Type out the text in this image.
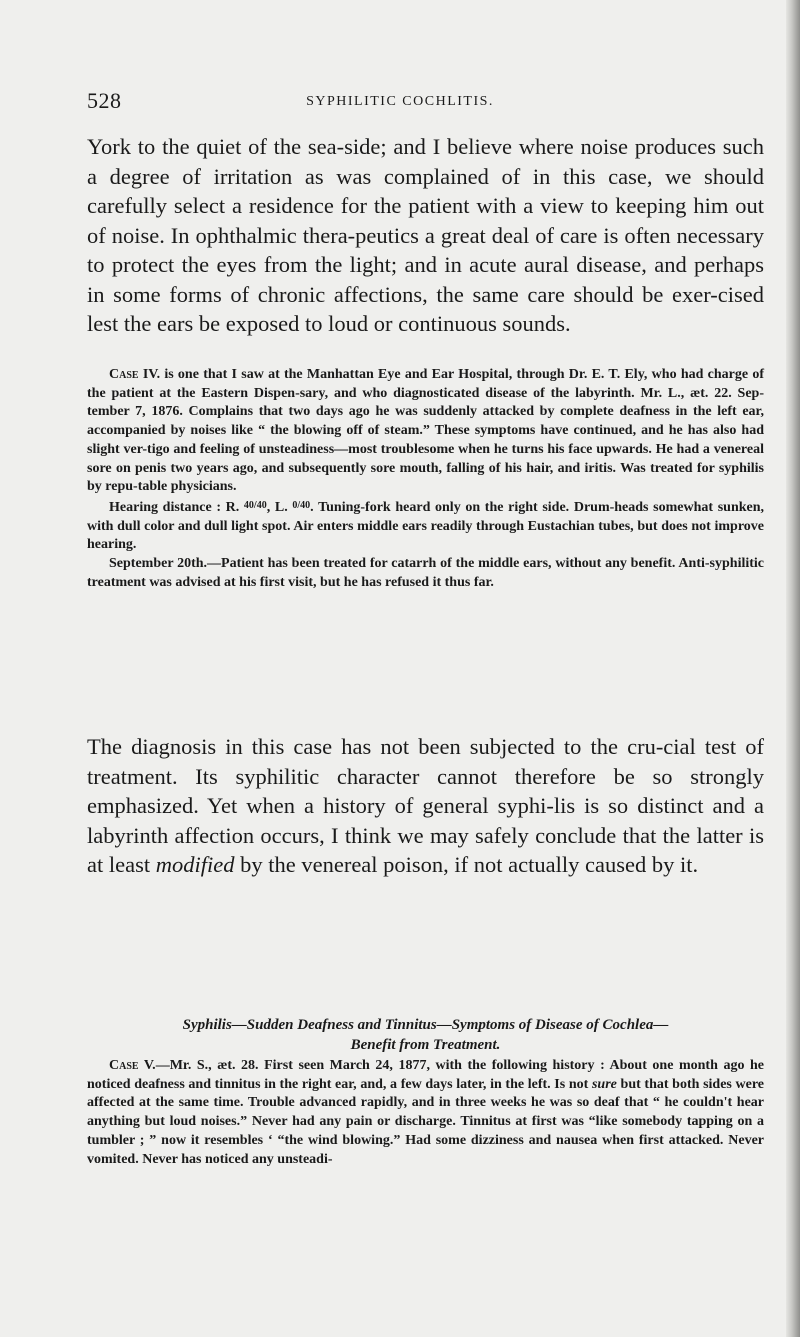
528	SYPHILITIC COCHLITIS.
York to the quiet of the sea-side; and I believe where noise produces such a degree of irritation as was complained of in this case, we should carefully select a residence for the patient with a view to keeping him out of noise. In ophthalmic thera-peutics a great deal of care is often necessary to protect the eyes from the light; and in acute aural disease, and perhaps in some forms of chronic affections, the same care should be exer-cised lest the ears be exposed to loud or continuous sounds.

Case IV. is one that I saw at the Manhattan Eye and Ear Hospital, through Dr. E. T. Ely, who had charge of the patient at the Eastern Dispen-sary, and who diagnosticated disease of the labyrinth. Mr. L., æt. 22. Sep-tember 7, 1876. Complains that two days ago he was suddenly attacked by complete deafness in the left ear, accompanied by noises like “ the blowing off of steam.” These symptoms have continued, and he has also had slight ver-tigo and feeling of unsteadiness—most troublesome when he turns his face upwards. He had a venereal sore on penis two years ago, and subsequently sore mouth, falling of his hair, and iritis. Was treated for syphilis by repu-table physicians.

Hearing distance : R. $^{40/40}$, L. $^{0/40}$. Tuning-fork heard only on the right side. Drum-heads somewhat sunken, with dull color and dull light spot. Air enters middle ears readily through Eustachian tubes, but does not improve hearing.

September 20th.—Patient has been treated for catarrh of the middle ears, without any benefit. Anti-syphilitic treatment was advised at his first visit, but he has refused it thus far.

The diagnosis in this case has not been subjected to the cru-cial test of treatment. Its syphilitic character cannot therefore be so strongly emphasized. Yet when a history of general syphi-lis is so distinct and a labyrinth affection occurs, I think we may safely conclude that the latter is at least modified by the venereal poison, if not actually caused by it.
Syphilis—Sudden Deafness and Tinnitus—Symptoms of Disease of Cochlea—
Benefit from Treatment.

Case V.—Mr. S., æt. 28. First seen March 24, 1877, with the following history : About one month ago he noticed deafness and tinnitus in the right ear, and, a few days later, in the left. Is not sure but that both sides were affected at the same time. Trouble advanced rapidly, and in three weeks he was so deaf that “ he couldn't hear anything but loud noises.” Never had any pain or discharge. Tinnitus at first was “like somebody tapping on a tumbler ; ” now it resembles ‘ “the wind blowing.” Had some dizziness and nausea when first attacked. Never vomited. Never has noticed any unsteadi-
